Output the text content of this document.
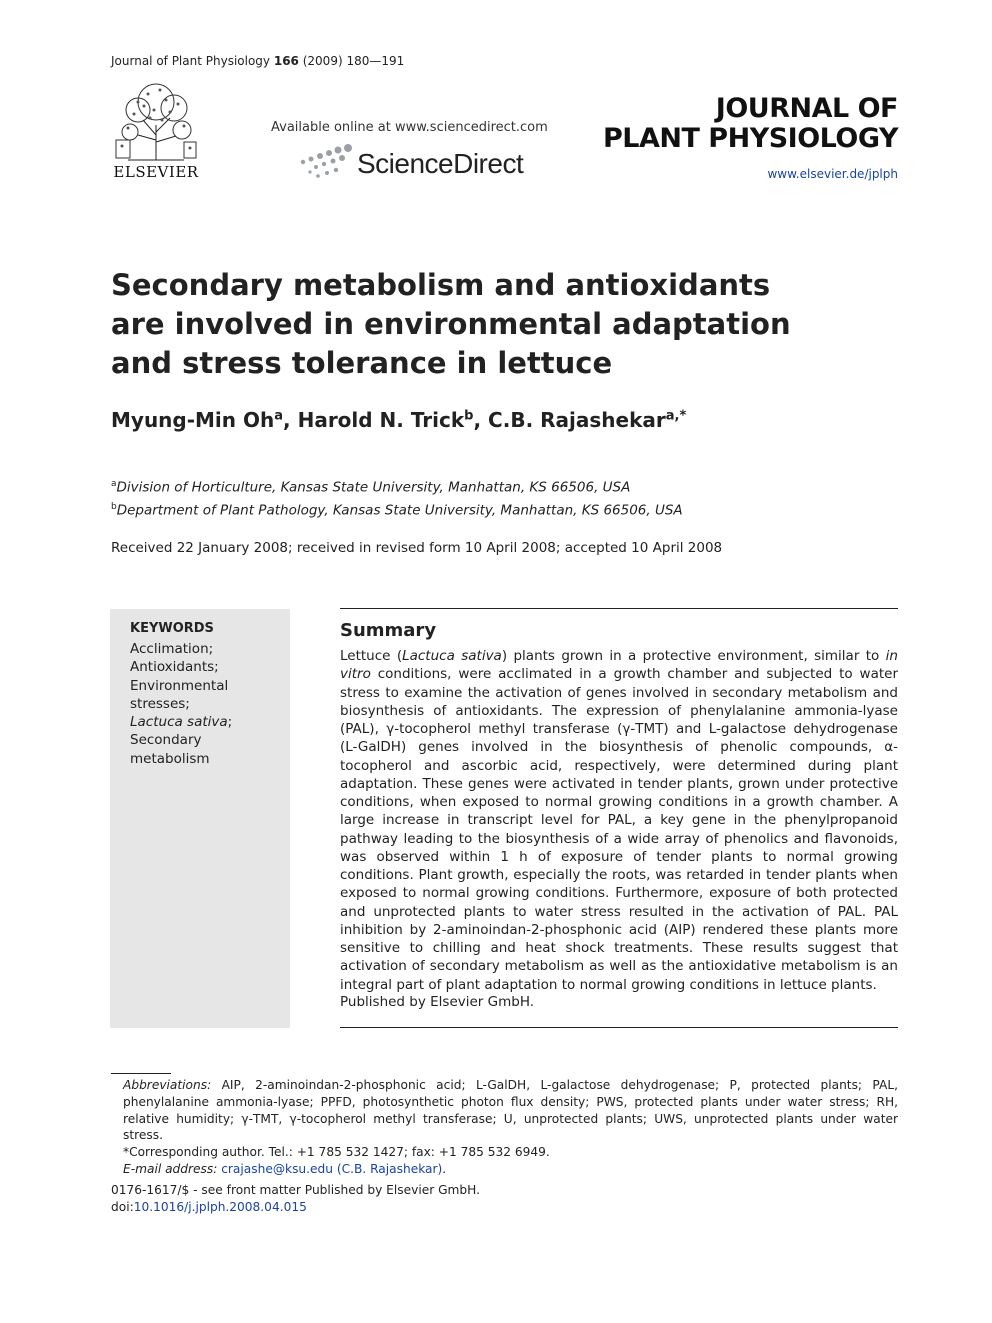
Journal of Plant Physiology 166 (2009) 180—191
ELSEVIER
Available online at www.sciencedirect.com
ScienceDirect
JOURNAL OF
PLANT PHYSIOLOGY
www.elsevier.de/jplph
Secondary metabolism and antioxidants
are involved in environmental adaptation
and stress tolerance in lettuce
Myung-Min Oh$^a$, Harold N. Trick$^b$, C.B. Rajashekar$^{a,*}$
$^a$Division of Horticulture, Kansas State University, Manhattan, KS 66506, USA
$^b$Department of Plant Pathology, Kansas State University, Manhattan, KS 66506, USA
Received 22 January 2008; received in revised form 10 April 2008; accepted 10 April 2008
KEYWORDS
Acclimation;
Antioxidants;
Environmental
stresses;
Lactuca sativa;
Secondary
metabolism
Summary

Lettuce (Lactuca sativa) plants grown in a protective environment, similar to in vitro conditions, were acclimated in a growth chamber and subjected to water stress to examine the activation of genes involved in secondary metabolism and biosynthesis of antioxidants. The expression of phenylalanine ammonia-lyase (PAL), γ-tocopherol methyl transferase (γ-TMT) and L-galactose dehydrogenase (L-GalDH) genes involved in the biosynthesis of phenolic compounds, α-tocopherol and ascorbic acid, respectively, were determined during plant adaptation. These genes were activated in tender plants, grown under protective conditions, when exposed to normal growing conditions in a growth chamber. A large increase in transcript level for PAL, a key gene in the phenylpropanoid pathway leading to the biosynthesis of a wide array of phenolics and flavonoids, was observed within 1 h of exposure of tender plants to normal growing conditions. Plant growth, especially the roots, was retarded in tender plants when exposed to normal growing conditions. Furthermore, exposure of both protected and unprotected plants to water stress resulted in the activation of PAL. PAL inhibition by 2-aminoindan-2-phosphonic acid (AIP) rendered these plants more sensitive to chilling and heat shock treatments. These results suggest that activation of secondary metabolism as well as the antioxidative metabolism is an integral part of plant adaptation to normal growing conditions in lettuce plants.

Published by Elsevier GmbH.

Abbreviations: AIP, 2-aminoindan-2-phosphonic acid; L-GalDH, L-galactose dehydrogenase; P, protected plants; PAL, phenylalanine ammonia-lyase; PPFD, photosynthetic photon flux density; PWS, protected plants under water stress; RH, relative humidity; γ-TMT, γ-tocopherol methyl transferase; U, unprotected plants; UWS, unprotected plants under water stress.

*Corresponding author. Tel.: +1 785 532 1427; fax: +1 785 532 6949.

E-mail address: crajashe@ksu.edu (C.B. Rajashekar).

0176-1617/$ - see front matter Published by Elsevier GmbH.
doi:10.1016/j.jplph.2008.04.015
